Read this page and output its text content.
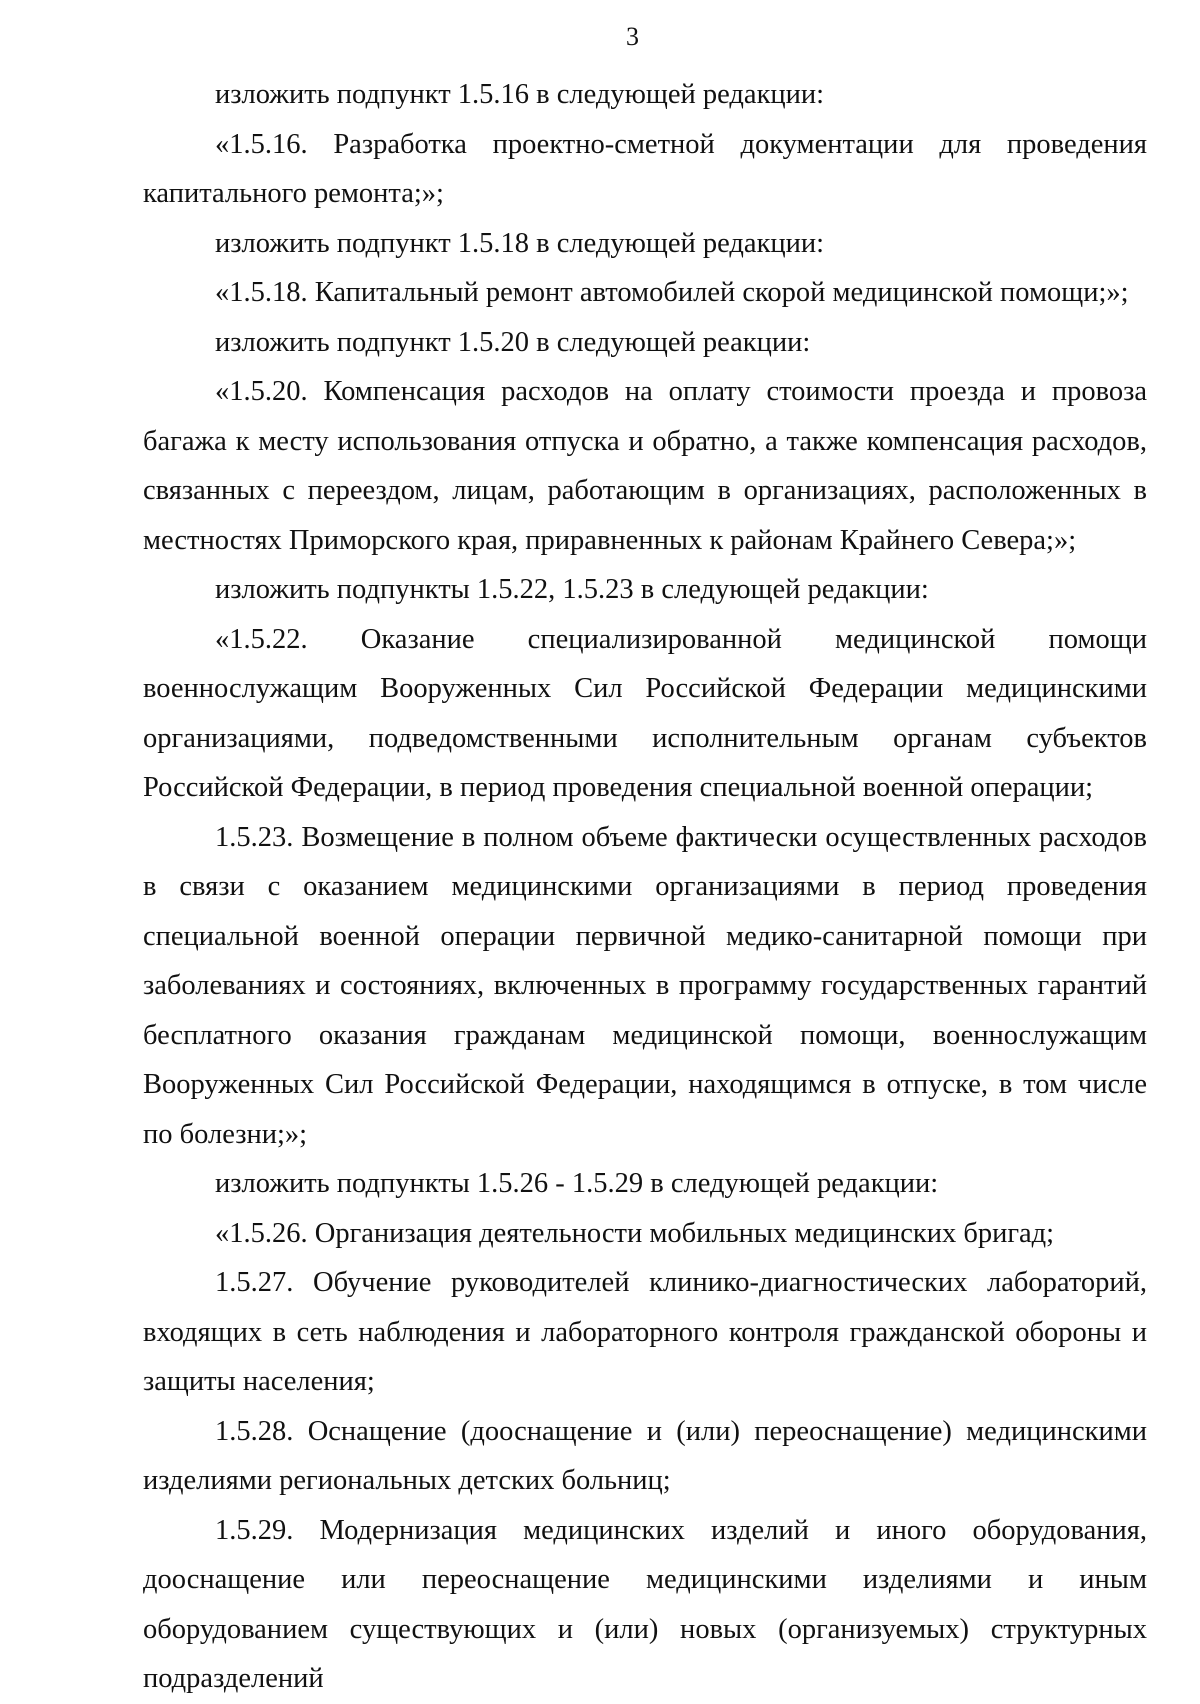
3

изложить подпункт 1.5.16 в следующей редакции:

«1.5.16. Разработка проектно-сметной документации для проведения капитального ремонта;»;

изложить подпункт 1.5.18 в следующей редакции:

«1.5.18. Капитальный ремонт автомобилей скорой медицинской помощи;»;

изложить подпункт 1.5.20 в следующей реакции:

«1.5.20. Компенсация расходов на оплату стоимости проезда и провоза багажа к месту использования отпуска и обратно, а также компенсация расходов, связанных с переездом, лицам, работающим в организациях, расположенных в местностях Приморского края, приравненных к районам Крайнего Севера;»;

изложить подпункты 1.5.22, 1.5.23 в следующей редакции:

«1.5.22. Оказание специализированной медицинской помощи военнослужащим Вооруженных Сил Российской Федерации медицинскими организациями, подведомственными исполнительным органам субъектов Российской Федерации, в период проведения специальной военной операции;

1.5.23. Возмещение в полном объеме фактически осуществленных расходов в связи с оказанием медицинскими организациями в период проведения специальной военной операции первичной медико-санитарной помощи при заболеваниях и состояниях, включенных в программу государственных гарантий бесплатного оказания гражданам медицинской помощи, военнослужащим Вооруженных Сил Российской Федерации, находящимся в отпуске, в том числе по болезни;»;

изложить подпункты 1.5.26 - 1.5.29 в следующей редакции:

«1.5.26. Организация деятельности мобильных медицинских бригад;

1.5.27. Обучение руководителей клинико-диагностических лабораторий, входящих в сеть наблюдения и лабораторного контроля гражданской обороны и защиты населения;

1.5.28. Оснащение (дооснащение и (или) переоснащение) медицинскими изделиями региональных детских больниц;

1.5.29. Модернизация медицинских изделий и иного оборудования, дооснащение или переоснащение медицинскими изделиями и иным оборудованием существующих и (или) новых (организуемых) структурных подразделений
